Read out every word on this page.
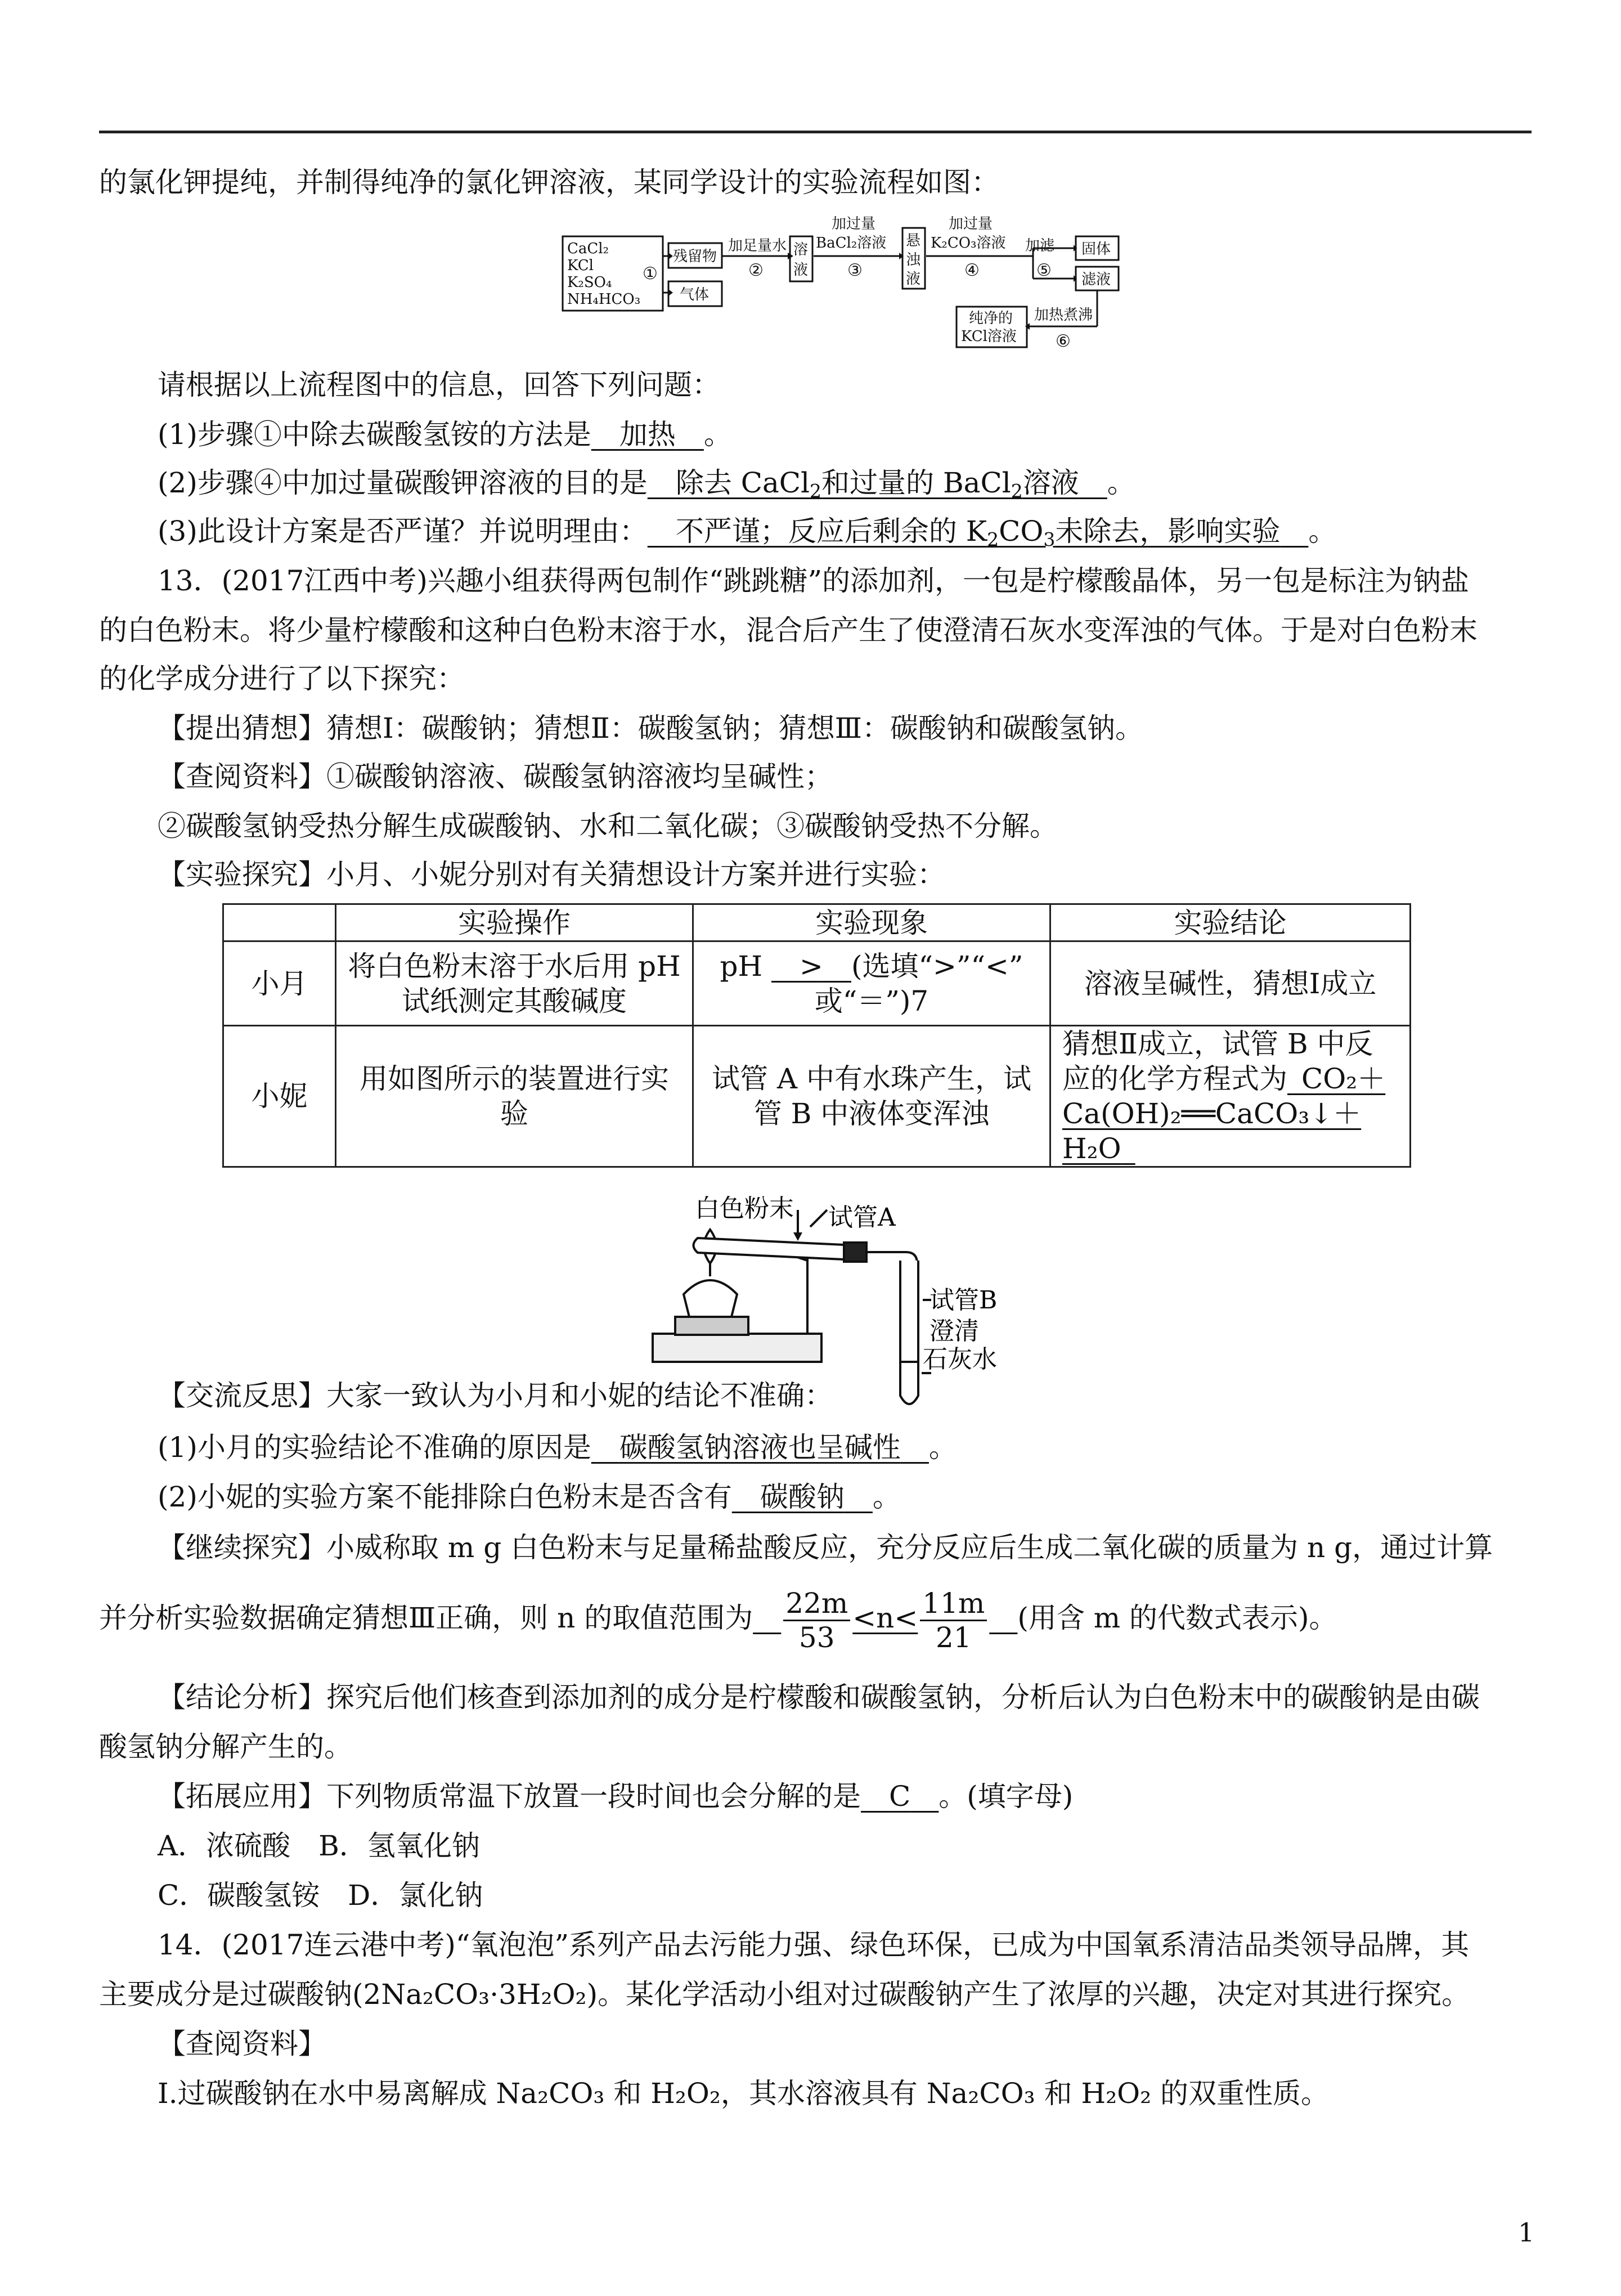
的氯化钾提纯，并制得纯净的氯化钾溶液，某同学设计的实验流程如图：
CaCl₂
KCl
K₂SO₄
NH₄HCO₃
①
残留物
气体
加足量水
②
溶
液
加过量
BaCl₂溶液
③
悬
浊
液
加过量
K₂CO₃溶液
④
加滤
⑤
固体
滤液
加热煮沸
⑥
纯净的
KCl溶液
请根据以上流程图中的信息，回答下列问题：
(1)步骤①中除去碳酸氢铵的方法是__加热__。
(2)步骤④中加过量碳酸钾溶液的目的是__除去 CaCl$_2$和过量的 BaCl$_2$溶液__。
(3)此设计方案是否严谨？并说明理由：__不严谨；反应后剩余的 $K_2CO_3$未除去，影响实验__。
13．(2017江西中考)兴趣小组获得两包制作“跳跳糖”的添加剂，一包是柠檬酸晶体，另一包是标注为钠盐
的白色粉末。将少量柠檬酸和这种白色粉末溶于水，混合后产生了使澄清石灰水变浑浊的气体。于是对白色粉末
的化学成分进行了以下探究：
【提出猜想】猜想Ⅰ：碳酸钠；猜想Ⅱ：碳酸氢钠；猜想Ⅲ：碳酸钠和碳酸氢钠。
【查阅资料】①碳酸钠溶液、碳酸氢钠溶液均呈碱性；
②碳酸氢钠受热分解生成碳酸钠、水和二氧化碳；③碳酸钠受热不分解。
【实验探究】小月、小妮分别对有关猜想设计方案并进行实验：
	实验操作	实验现象	实验结论
小月	将白色粉末溶于水后用 pH
试纸测定其酸碱度	pH __>__(选填“>”“<”
或“＝”)7	溶液呈碱性，猜想Ⅰ成立
小妮	用如图所示的装置进行实
验	试管 A 中有水珠产生，试
管 B 中液体变浑浊	猜想Ⅱ成立，试管 B 中反
应的化学方程式为_CO₂＋
Ca(OH)₂══CaCO₃↓＋H₂O_
白色粉末 试管A
试管B
澄清
石灰水
【交流反思】大家一致认为小月和小妮的结论不准确：
(1)小月的实验结论不准确的原因是__碳酸氢钠溶液也呈碱性__。
(2)小妮的实验方案不能排除白色粉末是否含有__碳酸钠__。
【继续探究】小威称取 m g 白色粉末与足量稀盐酸反应，充分反应后生成二氧化碳的质量为 n g，通过计算
并分析实验数据确定猜想Ⅲ正确，则 n 的取值范围为__ $\frac{22m}{53} <n< \frac{11m}{21}$ __(用含 m 的代数式表示)。
【结论分析】探究后他们核查到添加剂的成分是柠檬酸和碳酸氢钠，分析后认为白色粉末中的碳酸钠是由碳
酸氢钠分解产生的。
【拓展应用】下列物质常温下放置一段时间也会分解的是__C__。(填字母)
A．浓硫酸　B．氢氧化钠
C．碳酸氢铵　D．氯化钠
14．(2017连云港中考)“氧泡泡”系列产品去污能力强、绿色环保，已成为中国氧系清洁品类领导品牌，其
主要成分是过碳酸钠(2Na₂CO₃·3H₂O₂)。某化学活动小组对过碳酸钠产生了浓厚的兴趣，决定对其进行探究。
【查阅资料】
Ⅰ.过碳酸钠在水中易离解成 Na₂CO₃ 和 H₂O₂，其水溶液具有 Na₂CO₃ 和 H₂O₂ 的双重性质。
1
